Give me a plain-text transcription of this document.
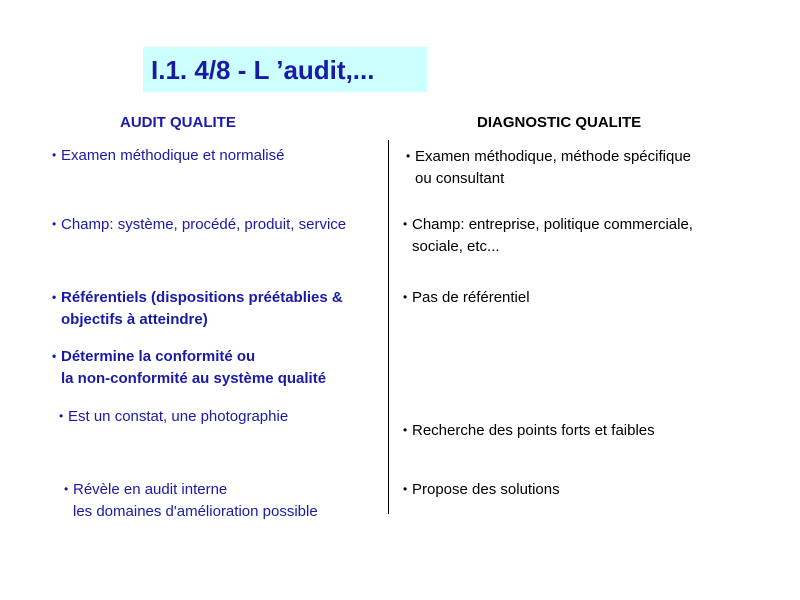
I.1. 4/8 - L ’audit,...
AUDIT QUALITE	DIAGNOSTIC QUALITE
• Examen méthodique et normalisé
• Champ: système, procédé, produit, service
• Référentiels (dispositions préétablies &
objectifs à atteindre)
• Détermine la conformité ou
la non-conformité au système qualité
• Est un constat, une photographie
• Révèle en audit interne
les domaines d'amélioration possible
• Examen méthodique, méthode spécifique
ou consultant
• Champ: entreprise, politique commerciale,
sociale, etc...
• Pas de référentiel
• Recherche des points forts et faibles
• Propose des solutions
